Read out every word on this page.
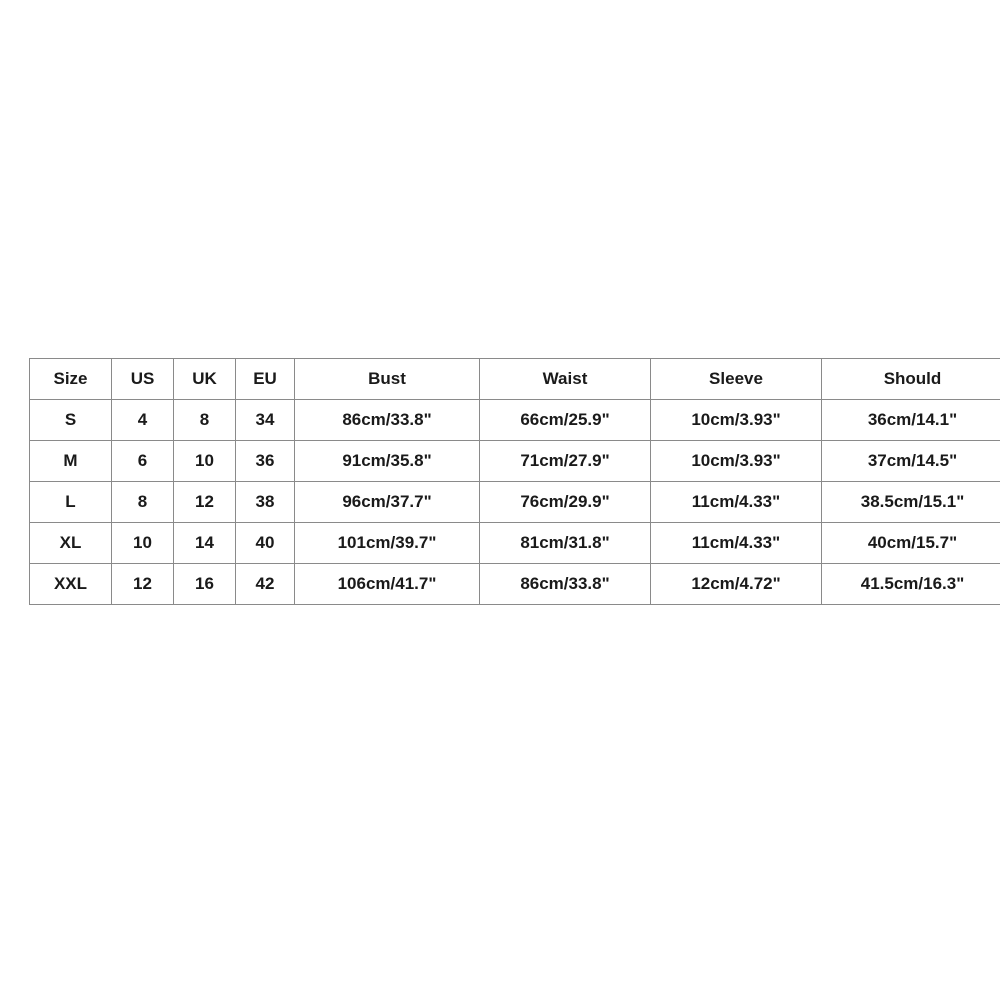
Size	US	UK	EU	Bust	Waist	Sleeve	Should
S	4	8	34	86cm/33.8"	66cm/25.9"	10cm/3.93"	36cm/14.1"
M	6	10	36	91cm/35.8"	71cm/27.9"	10cm/3.93"	37cm/14.5"
L	8	12	38	96cm/37.7"	76cm/29.9"	11cm/4.33"	38.5cm/15.1"
XL	10	14	40	101cm/39.7"	81cm/31.8"	11cm/4.33"	40cm/15.7"
XXL	12	16	42	106cm/41.7"	86cm/33.8"	12cm/4.72"	41.5cm/16.3"
